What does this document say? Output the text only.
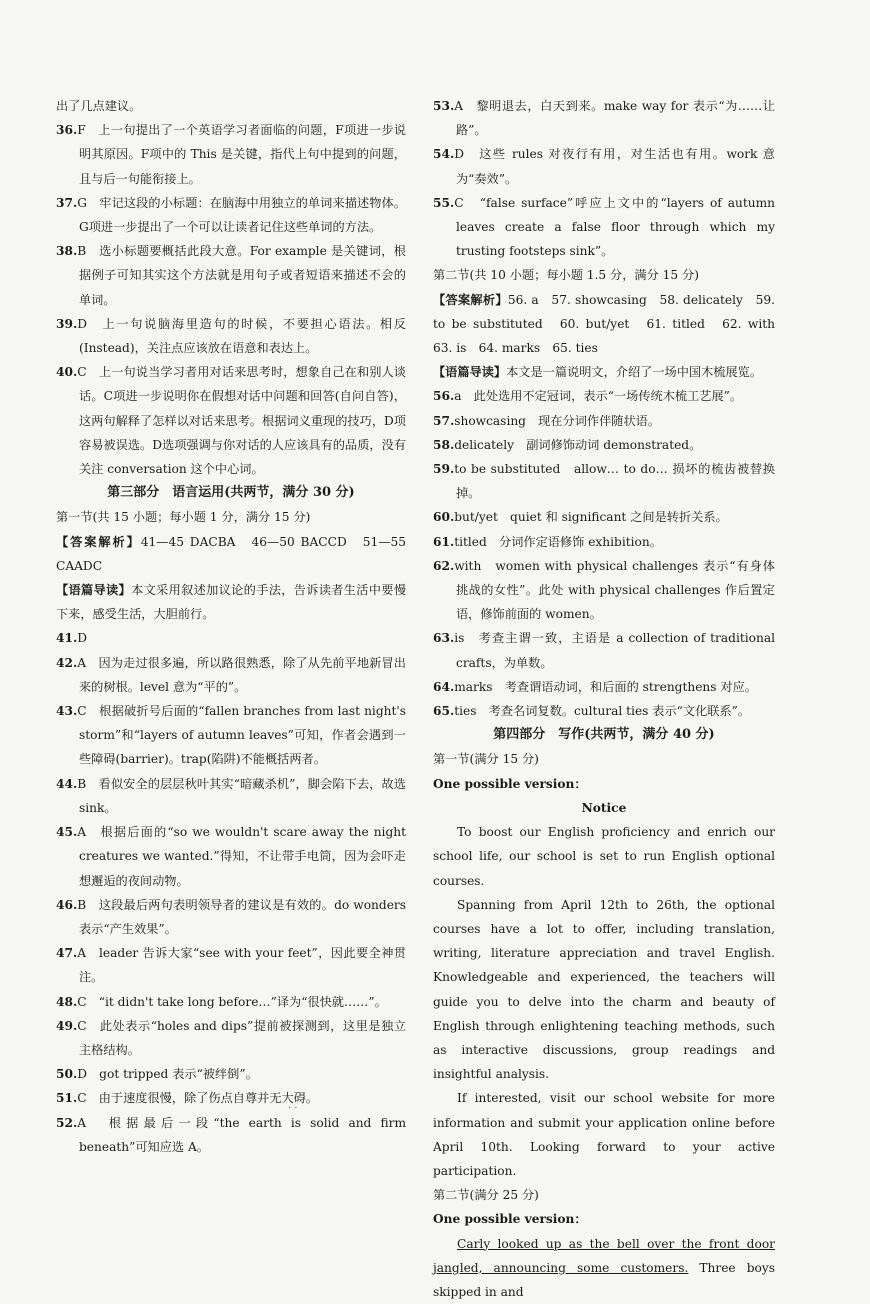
出了几点建议。

36.F　上一句提出了一个英语学习者面临的问题，F项进一步说明其原因。F项中的 This 是关键，指代上句中提到的问题，且与后一句能衔接上。

37.G　牢记这段的小标题：在脑海中用独立的单词来描述物体。G项进一步提出了一个可以让读者记住这些单词的方法。

38.B　选小标题要概括此段大意。For example 是关键词，根据例子可知其实这个方法就是用句子或者短语来描述不会的单词。

39.D　上一句说脑海里造句的时候，不要担心语法。相反(Instead)，关注点应该放在语意和表达上。

40.C　上一句说当学习者用对话来思考时，想象自己在和别人谈话。C项进一步说明你在假想对话中问题和回答(自问自答)，这两句解释了怎样以对话来思考。根据词义重现的技巧，D项容易被误选。D选项强调与你对话的人应该具有的品质，没有关注 conversation 这个中心词。

第三部分　语言运用(共两节，满分 30 分)

第一节(共 15 小题；每小题 1 分，满分 15 分)

【答案解析】41—45 DACBA　46—50 BACCD　51—55 CAADC

【语篇导读】本文采用叙述加议论的手法，告诉读者生活中要慢下来，感受生活，大胆前行。

41.D

42.A　因为走过很多遍，所以路很熟悉，除了从先前平地新冒出来的树根。level 意为“平的”。

43.C　根据破折号后面的“fallen branches from last night's storm”和“layers of autumn leaves”可知，作者会遇到一些障碍(barrier)。trap(陷阱)不能概括两者。

44.B　看似安全的层层秋叶其实“暗藏杀机”，脚会陷下去，故选 sink。

45.A　根据后面的“so we wouldn't scare away the night creatures we wanted.”得知，不让带手电筒，因为会吓走想邂逅的夜间动物。

46.B　这段最后两句表明领导者的建议是有效的。do wonders 表示“产生效果”。

47.A　leader 告诉大家“see with your feet”，因此要全神贯注。

48.C　“it didn't take long before…”译为“很快就……”。

49.C　此处表示“holes and dips”提前被探测到，这里是独立主格结构。

50.D　got tripped 表示“被绊倒”。

51.C　由于速度很慢，除了伤点自尊并无大碍。

52.A　根据最后一段“the earth is solid and firm beneath”可知应选 A。

53.A　黎明退去，白天到来。make way for 表示“为……让路”。

54.D　这些 rules 对夜行有用，对生活也有用。work 意为“奏效”。

55.C　“false surface”呼应上文中的“layers of autumn leaves create a false floor through which my trusting footsteps sink”。

第二节(共 10 小题；每小题 1.5 分，满分 15 分)

【答案解析】56. a　57. showcasing　58. delicately　59. to be substituted　60. but/yet　61. titled　62. with　63. is　64. marks　65. ties

【语篇导读】本文是一篇说明文，介绍了一场中国木梳展览。

56.a　此处选用不定冠词，表示“一场传统木梳工艺展”。

57.showcasing　现在分词作伴随状语。

58.delicately　副词修饰动词 demonstrated。

59.to be substituted　allow… to do… 损坏的梳齿被替换掉。

60.but/yet　quiet 和 significant 之间是转折关系。

61.titled　分词作定语修饰 exhibition。

62.with　women with physical challenges 表示“有身体挑战的女性”。此处 with physical challenges 作后置定语，修饰前面的 women。

63.is　考查主谓一致，主语是 a collection of traditional crafts，为单数。

64.marks　考查谓语动词，和后面的 strengthens 对应。

65.ties　考查名词复数。cultural ties 表示“文化联系”。

第四部分　写作(共两节，满分 40 分)

第一节(满分 15 分)

One possible version：

Notice

To boost our English proficiency and enrich our school life, our school is set to run English optional courses.

Spanning from April 12th to 26th, the optional courses have a lot to offer, including translation, writing, literature appreciation and travel English. Knowledgeable and experienced, the teachers will guide you to delve into the charm and beauty of English through enlightening teaching methods, such as interactive discussions, group readings and insightful analysis.

If interested, visit our school website for more information and submit your application online before April 10th. Looking forward to your active participation.

第二节(满分 25 分)

One possible version：

Carly looked up as the bell over the front door jangled, announcing some customers. Three boys skipped in and

· ·
